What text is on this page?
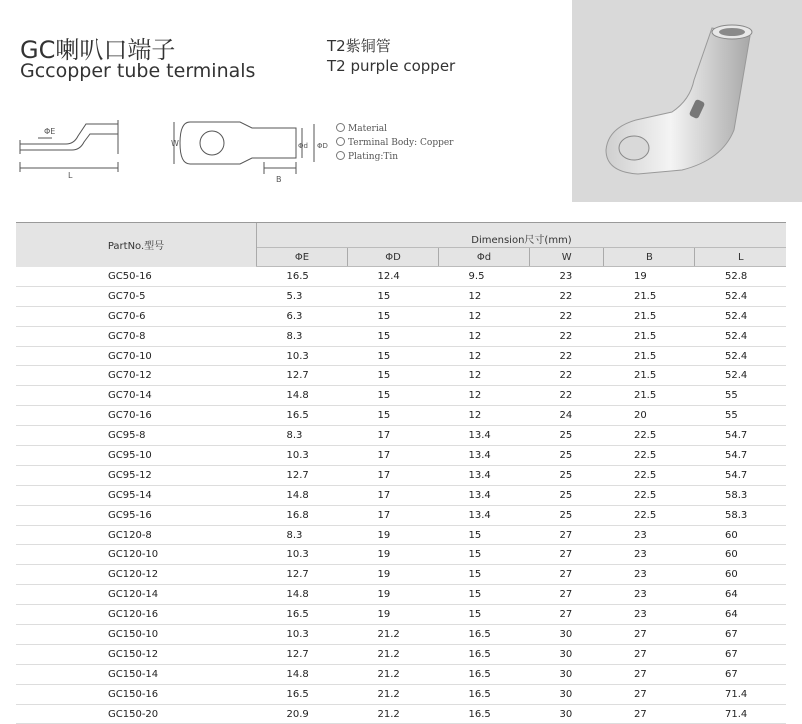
GC喇叭口端子
Gccopper tube terminals
T2紫铜管
T2 purple copper
ΦE
L
W
B
Φd ΦD
Material
Terminal Body: Copper
Plating:Tin
PartNo.型号	Dimension尺寸(mm)					
	ΦE	ΦD	Φd	W	B	L
GC50-16	16.5	12.4	9.5	23	19	52.8
GC70-5	5.3	15	12	22	21.5	52.4
GC70-6	6.3	15	12	22	21.5	52.4
GC70-8	8.3	15	12	22	21.5	52.4
GC70-10	10.3	15	12	22	21.5	52.4
GC70-12	12.7	15	12	22	21.5	52.4
GC70-14	14.8	15	12	22	21.5	55
GC70-16	16.5	15	12	24	20	55
GC95-8	8.3	17	13.4	25	22.5	54.7
GC95-10	10.3	17	13.4	25	22.5	54.7
GC95-12	12.7	17	13.4	25	22.5	54.7
GC95-14	14.8	17	13.4	25	22.5	58.3
GC95-16	16.8	17	13.4	25	22.5	58.3
GC120-8	8.3	19	15	27	23	60
GC120-10	10.3	19	15	27	23	60
GC120-12	12.7	19	15	27	23	60
GC120-14	14.8	19	15	27	23	64
GC120-16	16.5	19	15	27	23	64
GC150-10	10.3	21.2	16.5	30	27	67
GC150-12	12.7	21.2	16.5	30	27	67
GC150-14	14.8	21.2	16.5	30	27	67
GC150-16	16.5	21.2	16.5	30	27	71.4
GC150-20	20.9	21.2	16.5	30	27	71.4
